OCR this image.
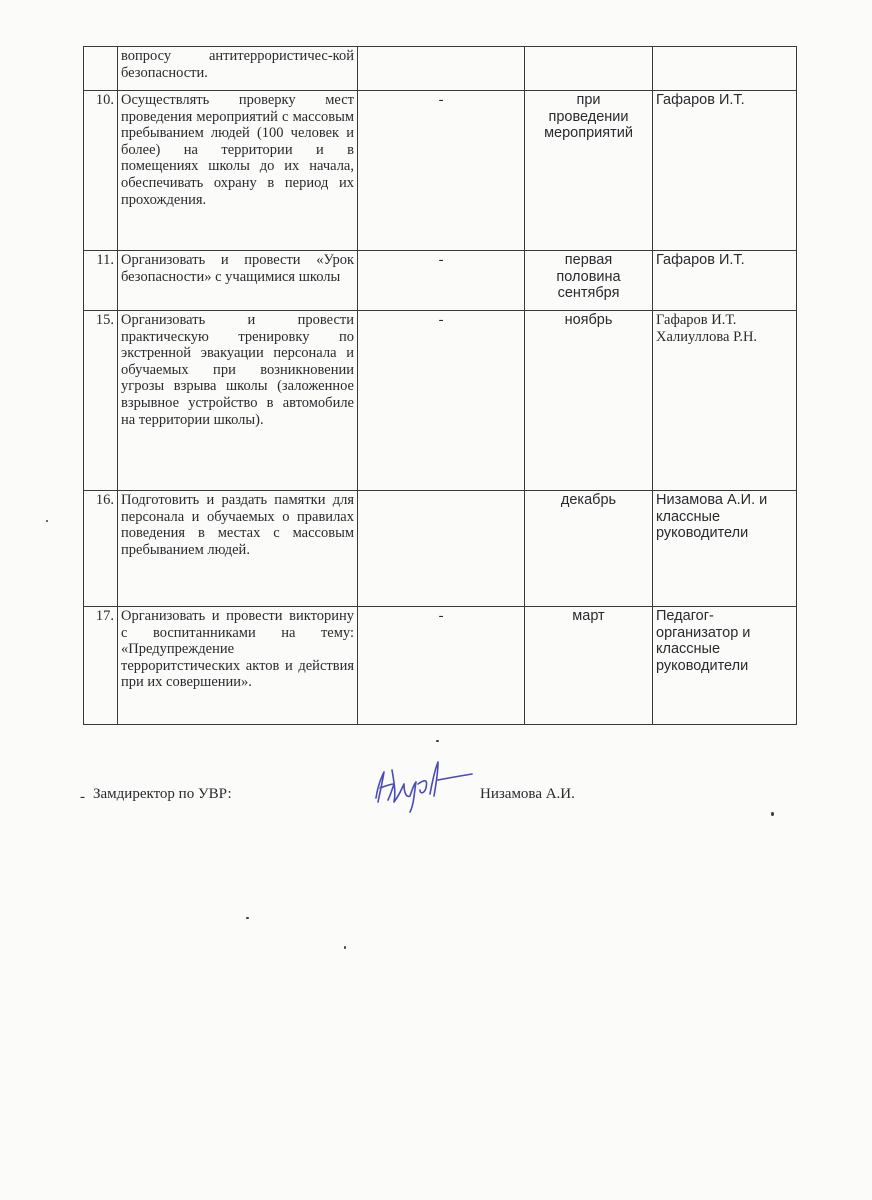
	вопросу антитеррористичес-кой безопасности.			
10.	Осуществлять проверку мест проведения мероприятий с массовым пребыванием людей (100 человек и более) на территории и в помещениях школы до их начала, обеспечивать охрану в период их прохождения.	-	при
проведении
мероприятий	Гафаров И.Т.
11.	Организовать и провести «Урок безопасности» с учащимися школы	-	первая
половина
сентября	Гафаров И.Т.
15.	Организовать и провести практическую тренировку по экстренной эвакуации персонала и обучаемых при возникновении угрозы взрыва школы (заложенное взрывное устройство в автомобиле на территории школы).	-	ноябрь	Гафаров И.Т.
Халиуллова Р.Н.

16.	Подготовить и раздать памятки для персонала и обучаемых о правилах поведения в местах с массовым пребыванием людей.		декабрь	Низамова А.И. и
классные
руководители

17.	Организовать и провести викторину с воспитанниками на тему: «Предупреждение терроритстических актов и действия при их совершении».	-	март	Педагог-
организатор и
классные
руководители
- Замдиректор по УВР:	Низамова А.И.
